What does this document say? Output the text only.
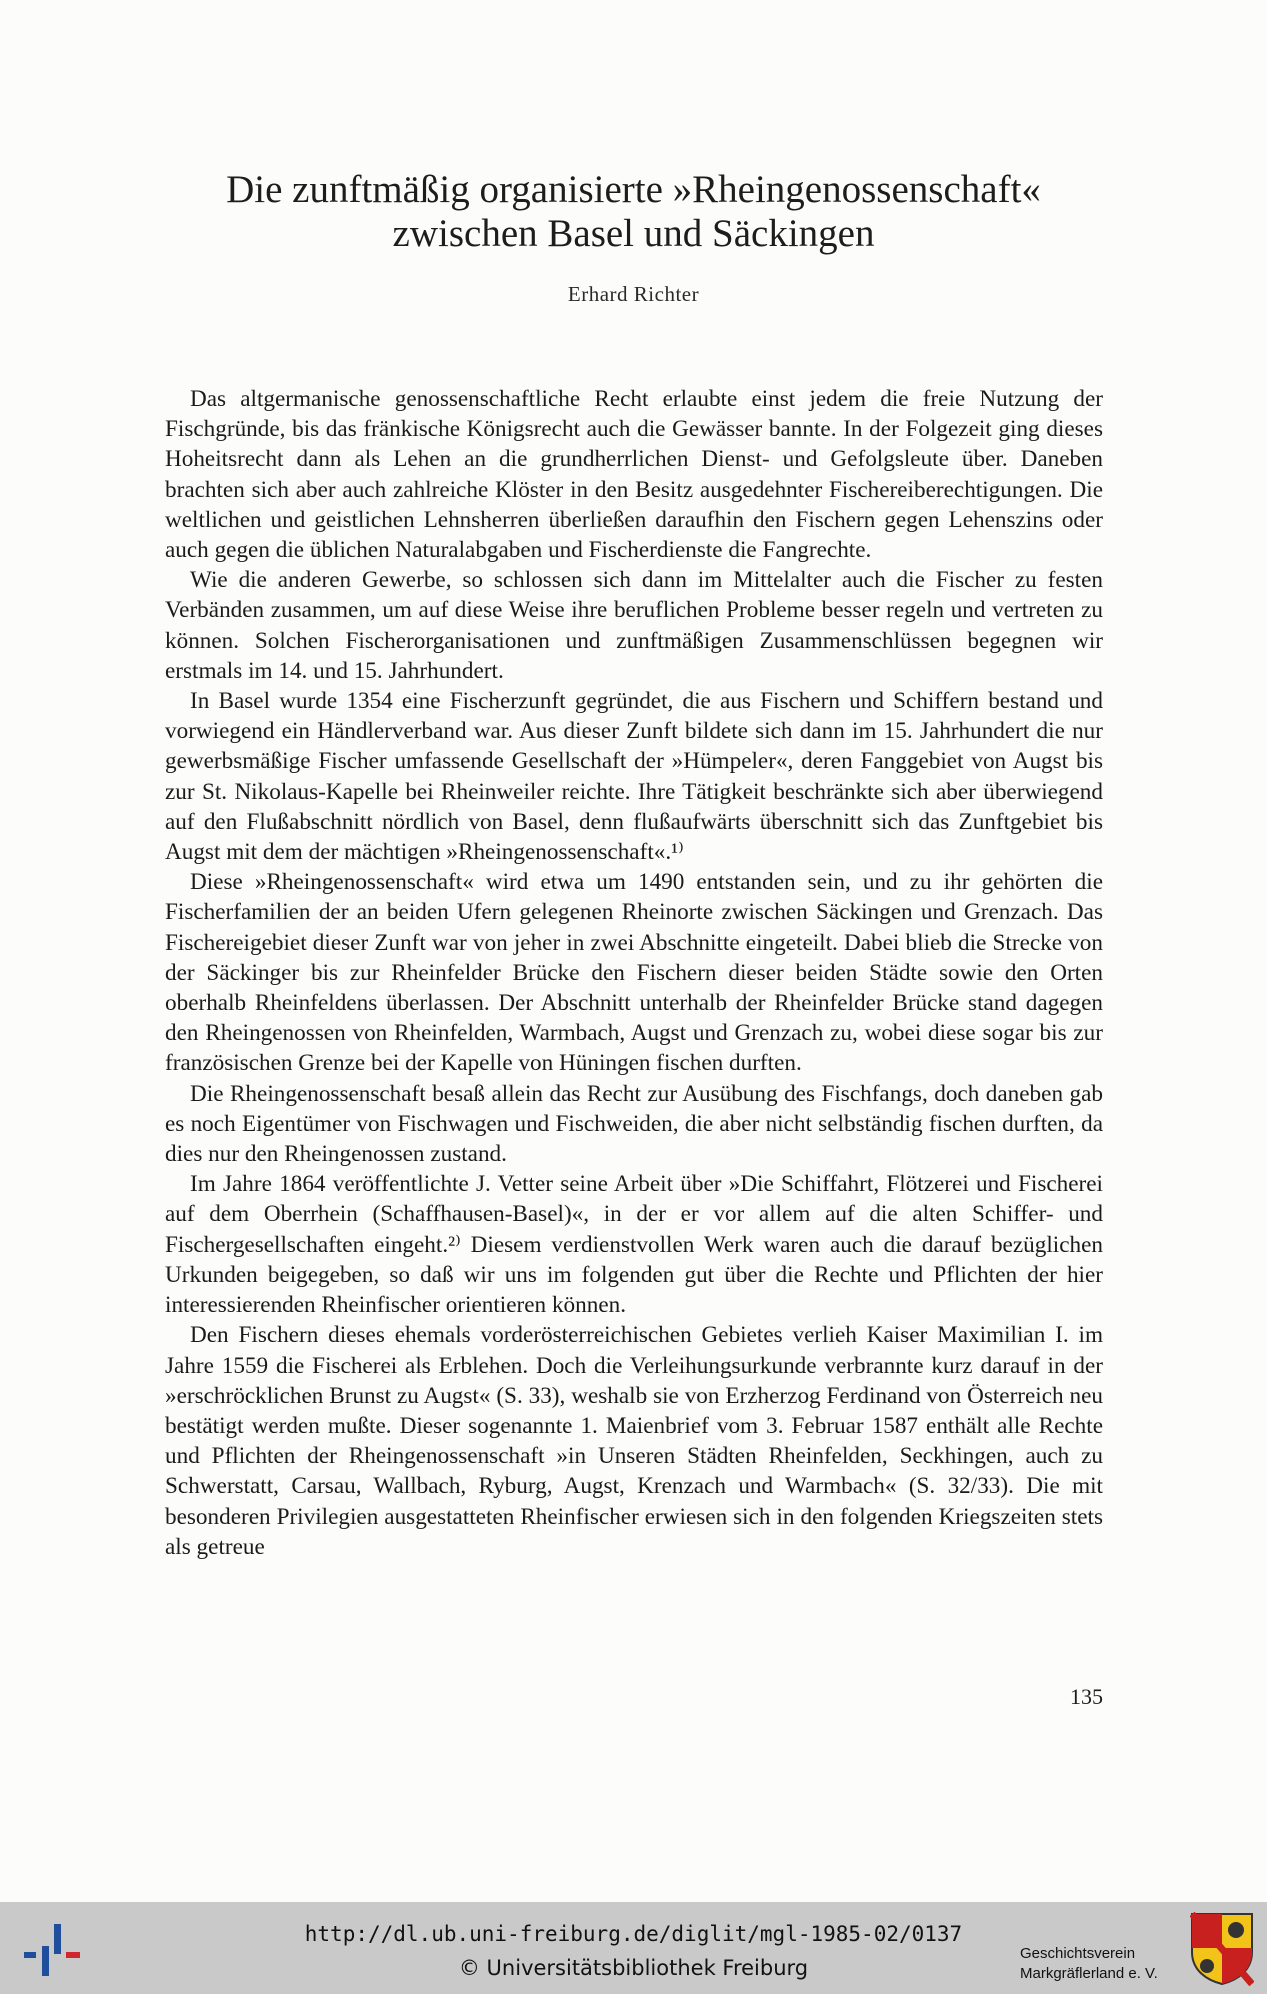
Die zunftmäßig organisierte »Rheingenossenschaft«
zwischen Basel und Säckingen
Erhard Richter

Das altgermanische genossenschaftliche Recht erlaubte einst jedem die freie Nutzung der Fischgründe, bis das fränkische Königsrecht auch die Gewässer bannte. In der Folgezeit ging dieses Hoheitsrecht dann als Lehen an die grundherrlichen Dienst- und Gefolgsleute über. Daneben brachten sich aber auch zahlreiche Klöster in den Besitz ausgedehnter Fischereiberechtigungen. Die weltlichen und geistlichen Lehnsherren überließen daraufhin den Fischern gegen Lehenszins oder auch gegen die üblichen Naturalabgaben und Fischerdienste die Fangrechte.

Wie die anderen Gewerbe, so schlossen sich dann im Mittelalter auch die Fischer zu festen Verbänden zusammen, um auf diese Weise ihre beruflichen Probleme besser regeln und vertreten zu können. Solchen Fischerorganisationen und zunftmäßigen Zusammenschlüssen begegnen wir erstmals im 14. und 15. Jahrhundert.

In Basel wurde 1354 eine Fischerzunft gegründet, die aus Fischern und Schiffern bestand und vorwiegend ein Händlerverband war. Aus dieser Zunft bildete sich dann im 15. Jahrhundert die nur gewerbsmäßige Fischer umfassende Gesellschaft der »Hümpeler«, deren Fanggebiet von Augst bis zur St. Nikolaus-Kapelle bei Rheinweiler reichte. Ihre Tätigkeit beschränkte sich aber überwiegend auf den Flußabschnitt nördlich von Basel, denn flußaufwärts überschnitt sich das Zunftgebiet bis Augst mit dem der mächtigen »Rheingenossenschaft«.¹⁾

Diese »Rheingenossenschaft« wird etwa um 1490 entstanden sein, und zu ihr gehörten die Fischerfamilien der an beiden Ufern gelegenen Rheinorte zwischen Säckingen und Grenzach. Das Fischereigebiet dieser Zunft war von jeher in zwei Abschnitte eingeteilt. Dabei blieb die Strecke von der Säckinger bis zur Rheinfelder Brücke den Fischern dieser beiden Städte sowie den Orten oberhalb Rheinfeldens überlassen. Der Abschnitt unterhalb der Rheinfelder Brücke stand dagegen den Rheingenossen von Rheinfelden, Warmbach, Augst und Grenzach zu, wobei diese sogar bis zur französischen Grenze bei der Kapelle von Hüningen fischen durften.

Die Rheingenossenschaft besaß allein das Recht zur Ausübung des Fischfangs, doch daneben gab es noch Eigentümer von Fischwagen und Fischweiden, die aber nicht selbständig fischen durften, da dies nur den Rheingenossen zustand.

Im Jahre 1864 veröffentlichte J. Vetter seine Arbeit über »Die Schiffahrt, Flötzerei und Fischerei auf dem Oberrhein (Schaffhausen-Basel)«, in der er vor allem auf die alten Schiffer- und Fischergesellschaften eingeht.²⁾ Diesem verdienstvollen Werk waren auch die darauf bezüglichen Urkunden beigegeben, so daß wir uns im folgenden gut über die Rechte und Pflichten der hier interessierenden Rheinfischer orientieren können.

Den Fischern dieses ehemals vorderösterreichischen Gebietes verlieh Kaiser Maximilian I. im Jahre 1559 die Fischerei als Erblehen. Doch die Verleihungsurkunde verbrannte kurz darauf in der »erschröcklichen Brunst zu Augst« (S. 33), weshalb sie von Erzherzog Ferdinand von Österreich neu bestätigt werden mußte. Dieser sogenannte 1. Maienbrief vom 3. Februar 1587 enthält alle Rechte und Pflichten der Rheingenossenschaft »in Unseren Städten Rheinfelden, Seckhingen, auch zu Schwerstatt, Carsau, Wallbach, Ryburg, Augst, Krenzach und Warmbach« (S. 32/33). Die mit besonderen Privilegien ausgestatteten Rheinfischer erwiesen sich in den folgenden Kriegszeiten stets als getreue

135
http://dl.ub.uni-freiburg.de/diglit/mgl-1985-02/0137
© Universitätsbibliothek Freiburg
Geschichtsverein
Markgräflerland e. V.
